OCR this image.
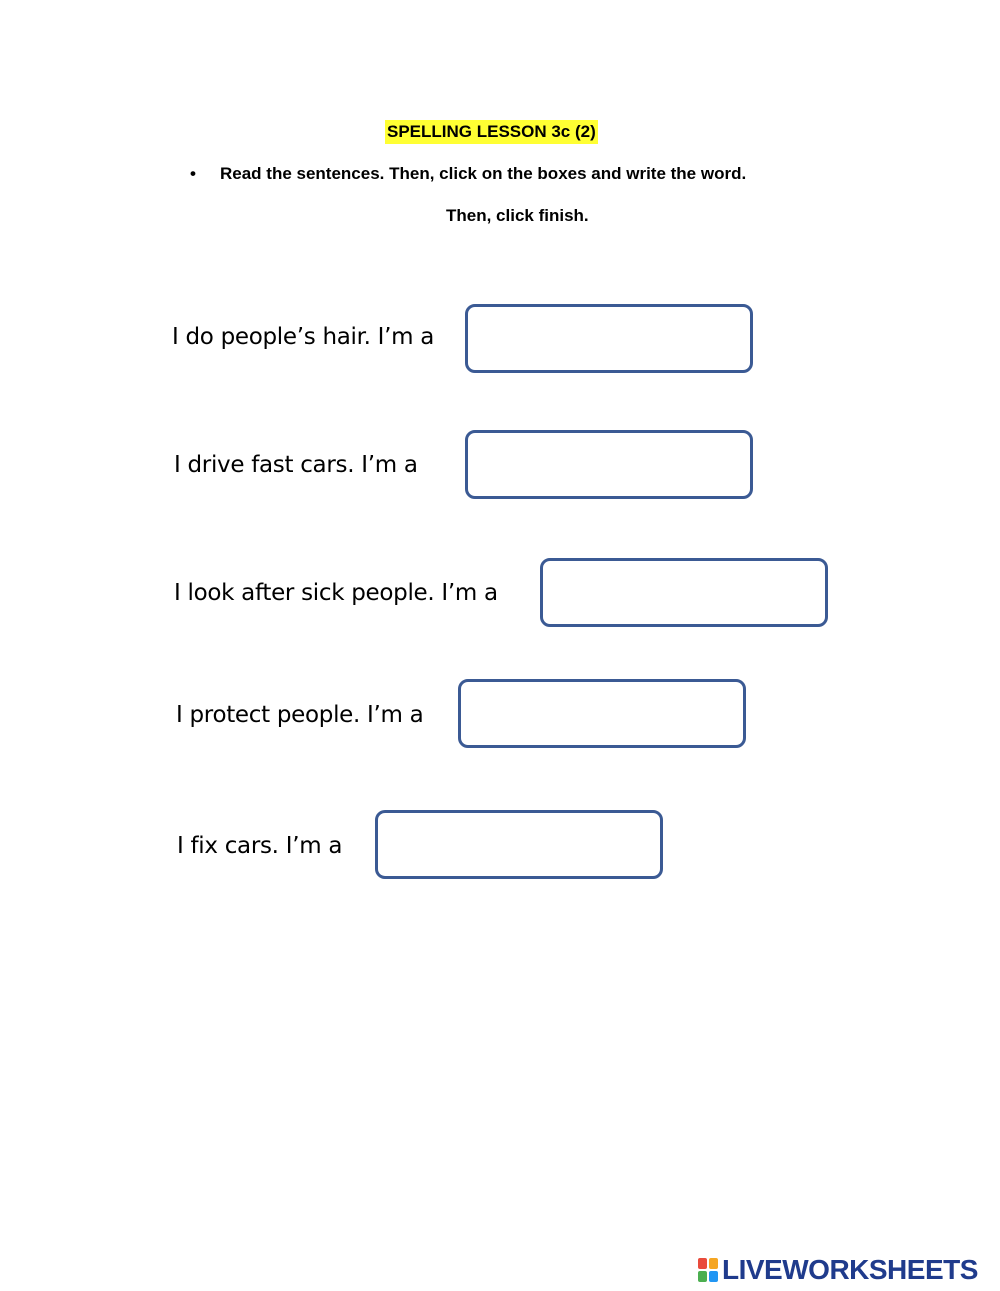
SPELLING LESSON 3c (2)
• Read the sentences. Then, click on the boxes and write the word.
Then, click finish.
I do people’s hair. I’m a
I drive fast cars. I’m a
I look after sick people. I’m a
I protect people. I’m a
I fix cars. I’m a
LIVEWORKSHEETS
